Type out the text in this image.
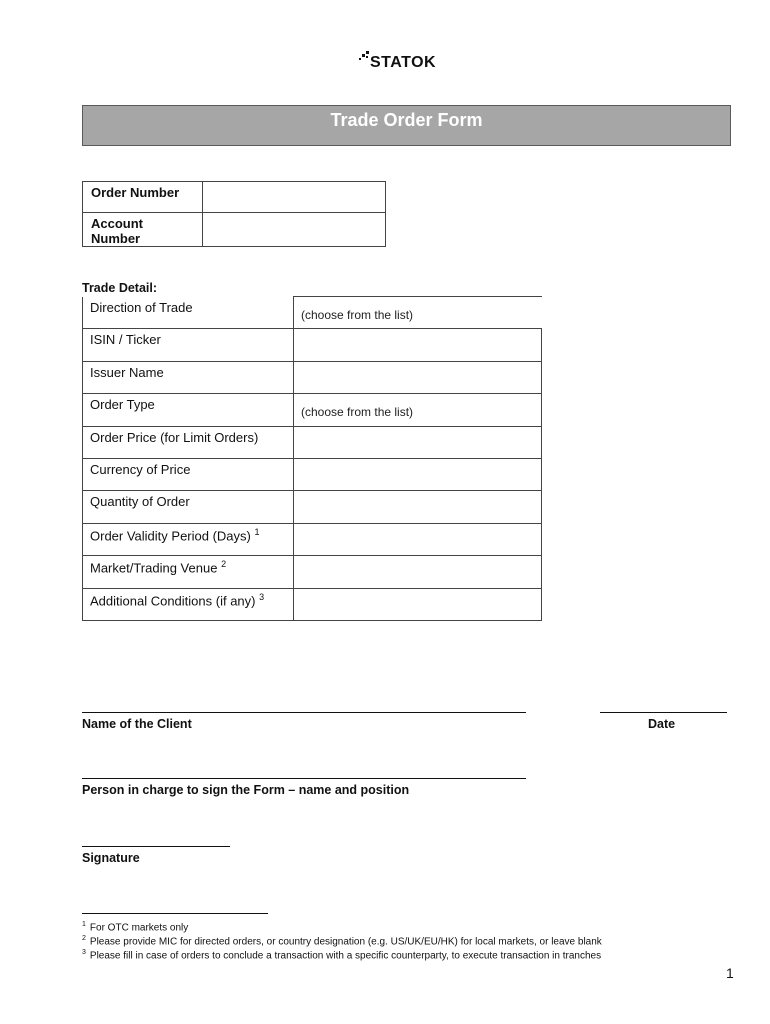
STATOK
Trade Order Form
Order Number	
Account Number	
Trade Detail:
Direction of Trade	(choose from the list)
ISIN / Ticker	
Issuer Name	
Order Type	(choose from the list)
Order Price (for Limit Orders)	
Currency of Price	
Quantity of Order	
Order Validity Period (Days) $^1$	
Market/Trading Venue $^2$	
Additional Conditions (if any) $^3$	
Name of the Client	Date
Person in charge to sign the Form – name and position
Signature
$^1$ For OTC markets only
$^2$ Please provide MIC for directed orders, or country designation (e.g. US/UK/EU/HK) for local markets, or leave blank
$^3$ Please fill in case of orders to conclude a transaction with a specific counterparty, to execute transaction in tranches
1
